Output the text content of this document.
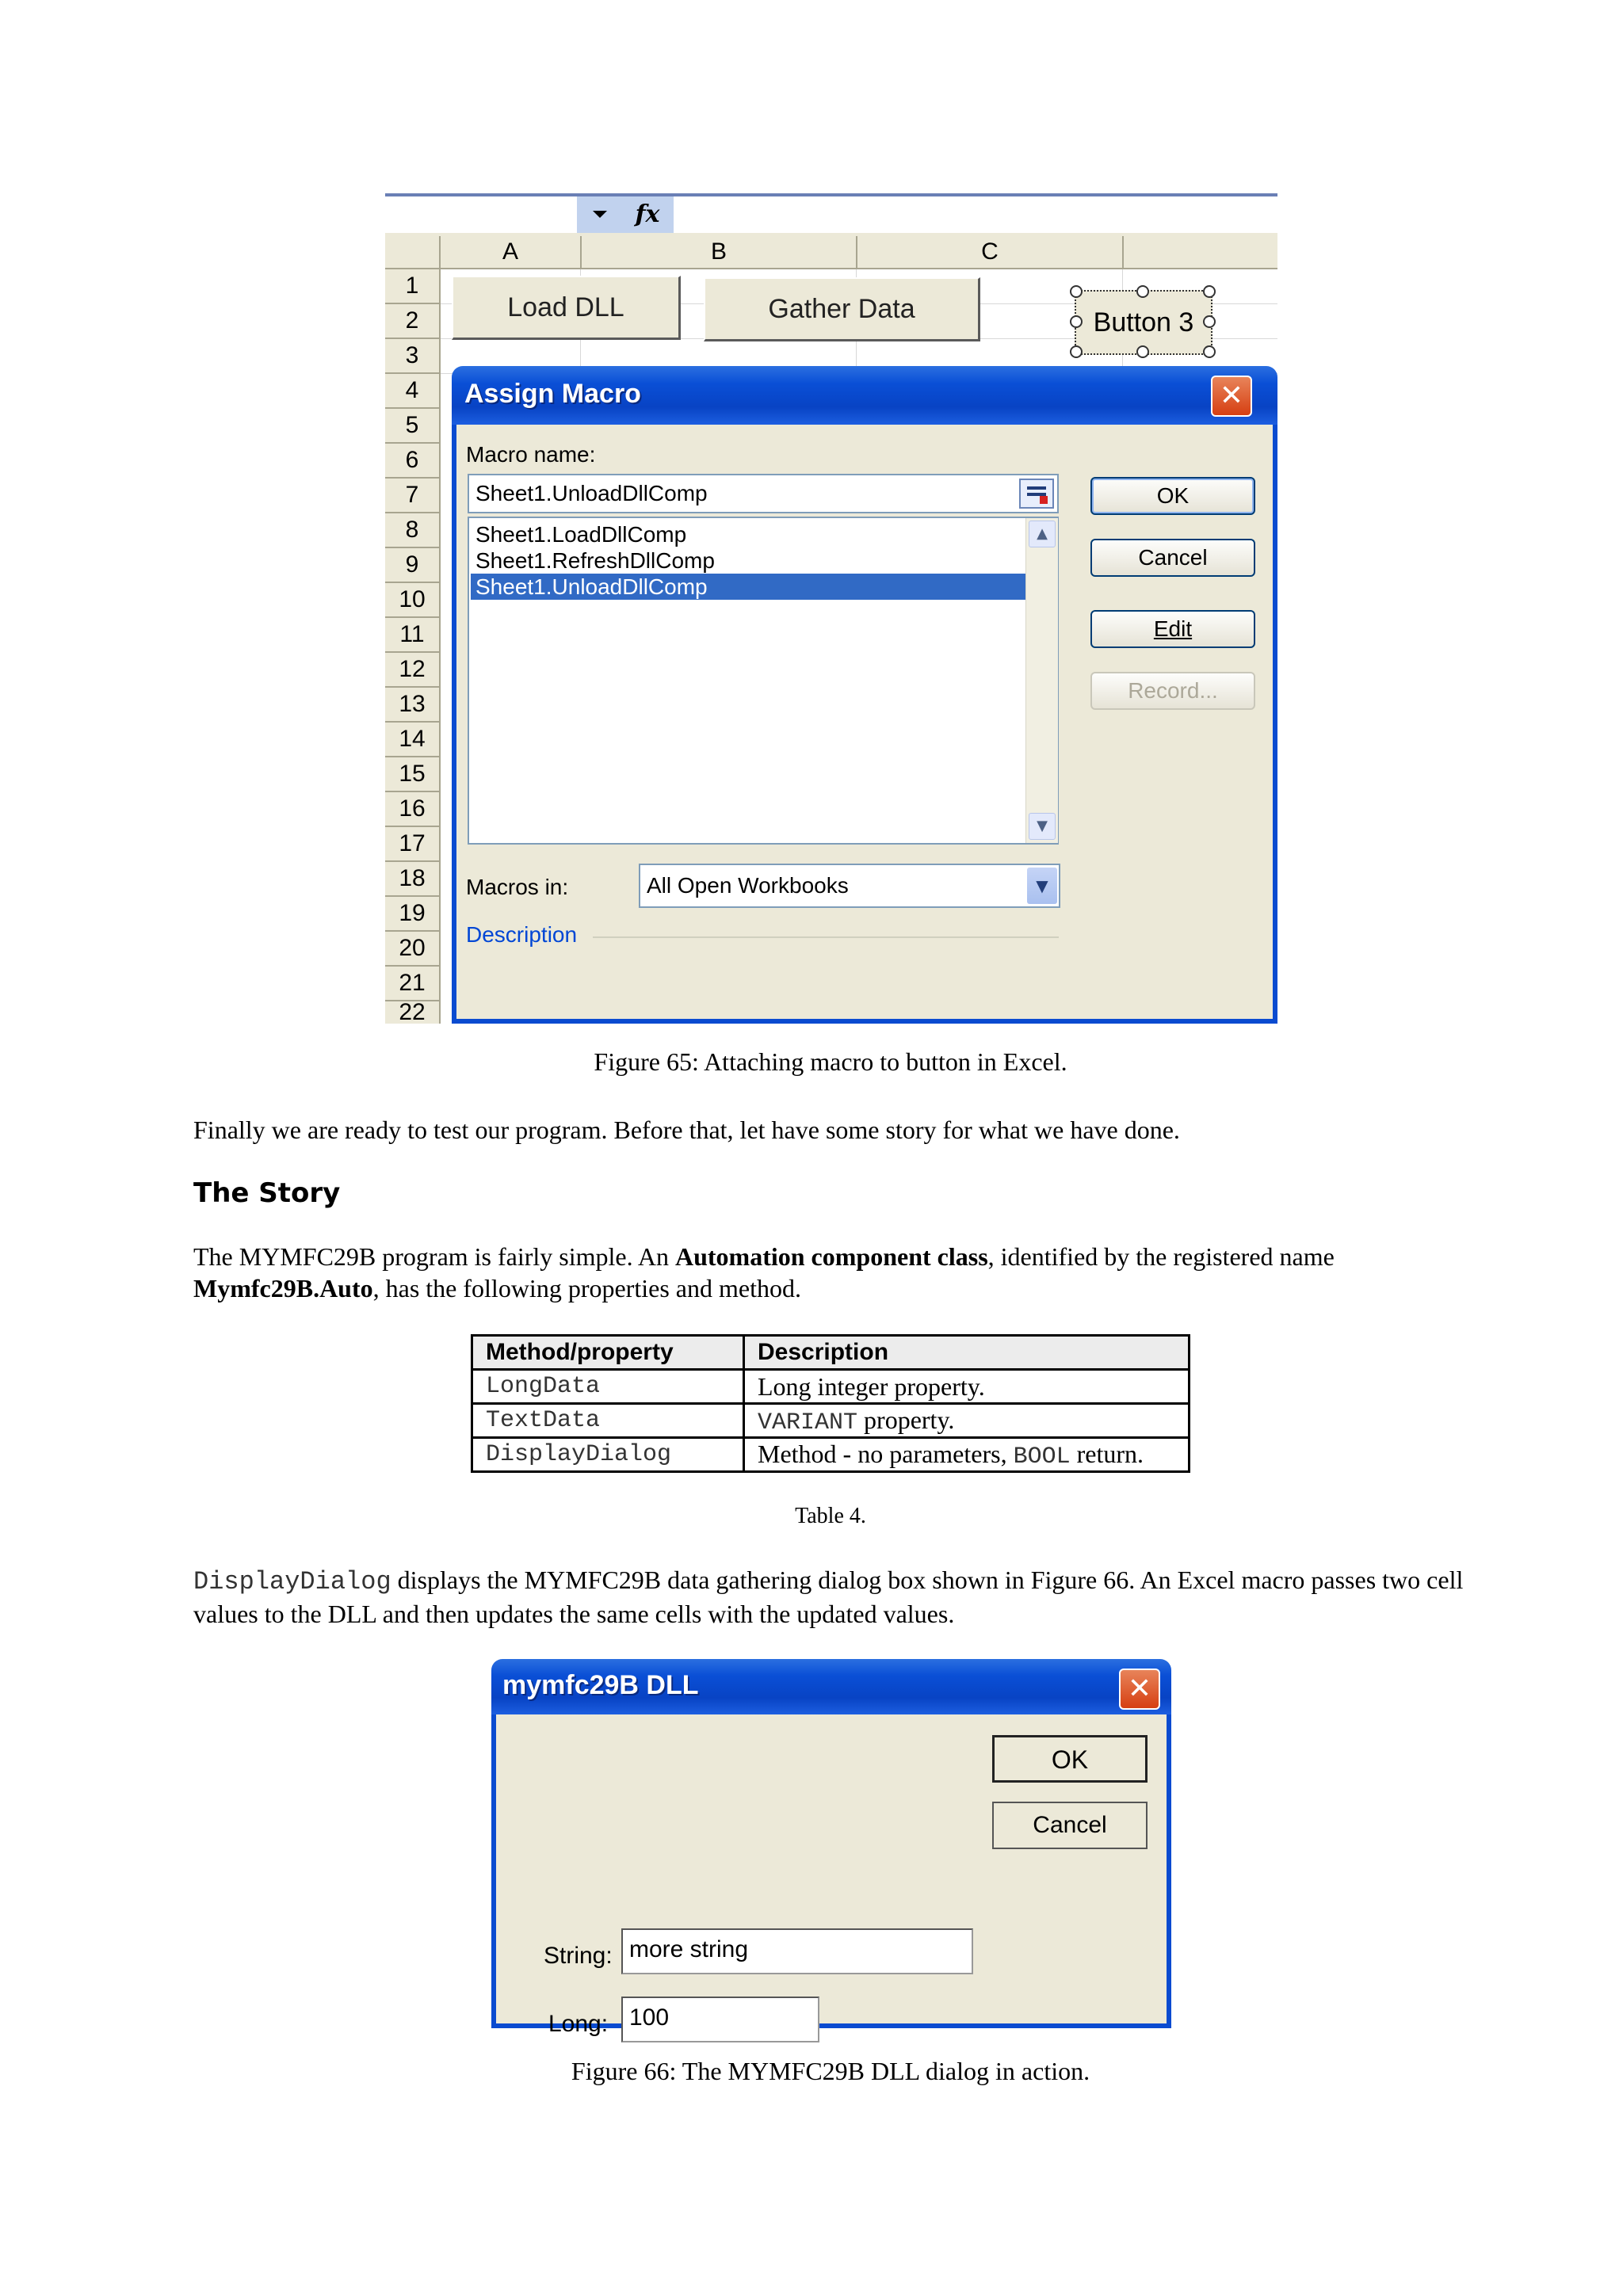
fx
A	B	C
1
2
3
4
5
6
7
8
9
10
11
12
13
14
15
16
17
18
19
20
21
22
Load DLL	Gather Data	Button 3
Assign Macro	✕
Macro name:
Sheet1.UnloadDllComp
Sheet1.LoadDllComp
Sheet1.RefreshDllComp
Sheet1.UnloadDllComp
▲
▼
OK
Cancel
Edit
Record...
Macros in:	All Open Workbooks	▼
Description
Figure 65: Attaching macro to button in Excel.
Finally we are ready to test our program. Before that, let have some story for what we have done.
The Story
The MYMFC29B program is fairly simple. An Automation component class, identified by the registered name
Mymfc29B.Auto, has the following properties and method.
Method/property	Description
LongData	Long integer property.
TextData	VARIANT property.
DisplayDialog	Method - no parameters, BOOL return.
Table 4.
DisplayDialog displays the MYMFC29B data gathering dialog box shown in Figure 66. An Excel macro passes two cell values to the DLL and then updates the same cells with the updated values.
mymfc29B DLL	✕
OK
Cancel
String: more string
Long: 100
Figure 66: The MYMFC29B DLL dialog in action.
